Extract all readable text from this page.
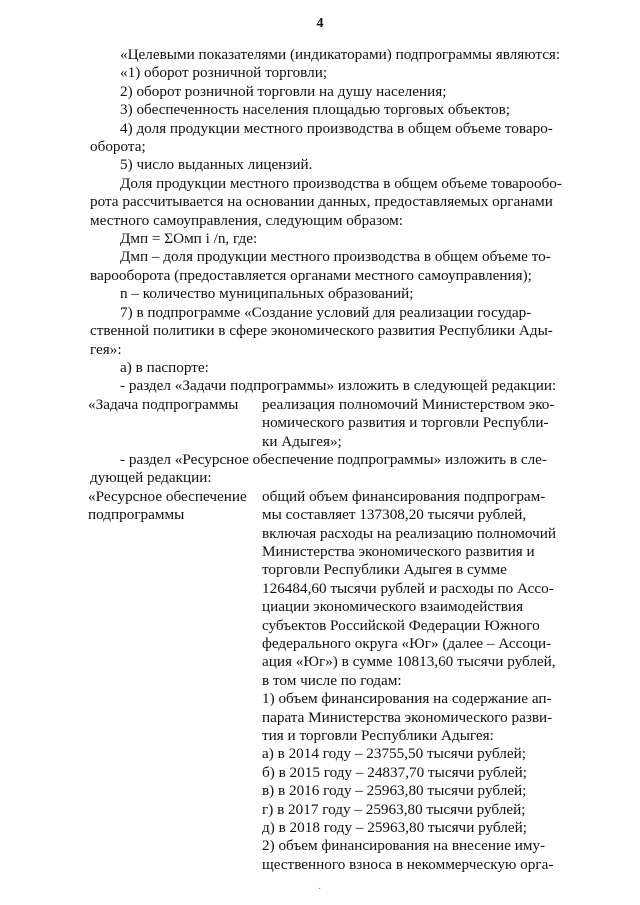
4

«Целевыми показателями (индикаторами) подпрограммы являются:

«1) оборот розничной торговли;

2) оборот розничной торговли на душу населения;

3) обеспеченность населения площадью торговых объектов;

4) доля продукции местного производства в общем объеме товаро-

оборота;

5) число выданных лицензий.

Доля продукции местного производства в общем объеме товарообо-

рота рассчитывается на основании данных, предоставляемых органами

местного самоуправления, следующим образом:

Дмп = ΣОмп i /n, где:

Дмп – доля продукции местного производства в общем объеме то-

варооборота (предоставляется органами местного самоуправления);

n – количество муниципальных образований;

7) в подпрограмме «Создание условий для реализации государ-

ственной политики в сфере экономического развития Республики Ады-

гея»:

а) в паспорте:

- раздел «Задачи подпрограммы» изложить в следующей редакции:

«Задача подпрограммы	реализация полномочий Министерством эко-
номического развития и торговли Республи-
ки Адыгея»;

- раздел «Ресурсное обеспечение подпрограммы» изложить в сле-

дующей редакции:

«Ресурсное обеспечение
подпрограммы
общий объем финансирования подпрограм-
мы составляет 137308,20 тысячи рублей,
включая расходы на реализацию полномочий
Министерства экономического развития и
торговли Республики Адыгея в сумме
126484,60 тысячи рублей и расходы по Ассо-
циации экономического взаимодействия
субъектов Российской Федерации Южного
федерального округа «Юг» (далее – Ассоци-
ация «Юг») в сумме 10813,60 тысячи рублей,
в том числе по годам:
1) объем финансирования на содержание ап-
парата Министерства экономического разви-
тия и торговли Республики Адыгея:
а) в 2014 году – 23755,50 тысячи рублей;
б) в 2015 году – 24837,70 тысячи рублей;
в) в 2016 году – 25963,80 тысячи рублей;
г) в 2017 году – 25963,80 тысячи рублей;
д) в 2018 году – 25963,80 тысячи рублей;
2) объем финансирования на внесение иму-
щественного взноса в некоммерческую орга-
·
